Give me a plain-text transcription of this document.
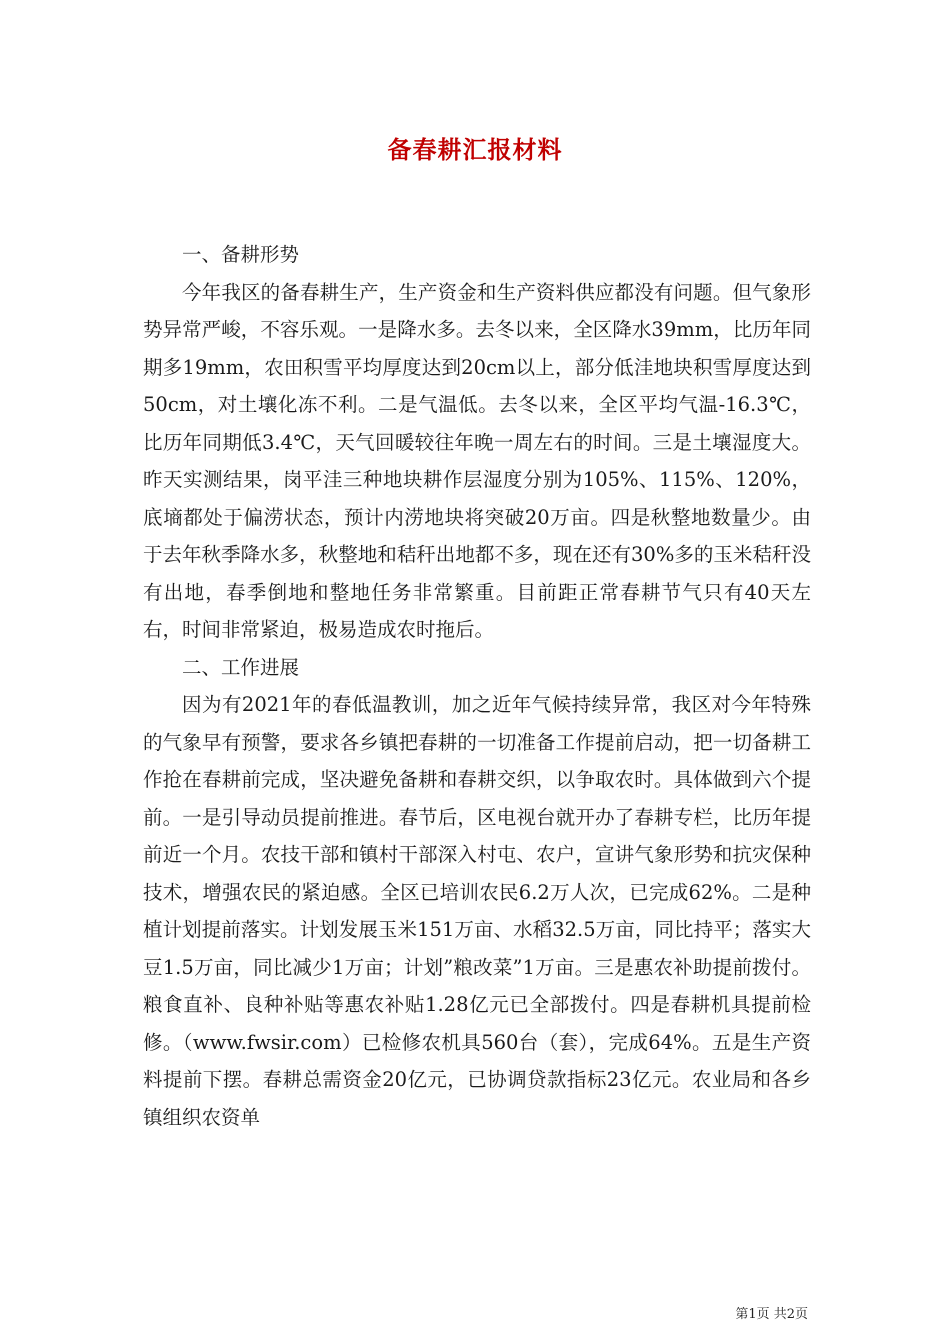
备春耕汇报材料

一、备耕形势

今年我区的备春耕生产，生产资金和生产资料供应都没有问题。但气象形势异常严峻，不容乐观。一是降水多。去冬以来，全区降水39mm，比历年同期多19mm，农田积雪平均厚度达到20cm以上，部分低洼地块积雪厚度达到50cm，对土壤化冻不利。二是气温低。去冬以来，全区平均气温-16.3℃，比历年同期低3.4℃，天气回暖较往年晚一周左右的时间。三是土壤湿度大。昨天实测结果，岗平洼三种地块耕作层湿度分别为105%、115%、120%，底墒都处于偏涝状态，预计内涝地块将突破20万亩。四是秋整地数量少。由于去年秋季降水多，秋整地和秸秆出地都不多，现在还有30%多的玉米秸秆没有出地，春季倒地和整地任务非常繁重。目前距正常春耕节气只有40天左右，时间非常紧迫，极易造成农时拖后。

二、工作进展

因为有2021年的春低温教训，加之近年气候持续异常，我区对今年特殊的气象早有预警，要求各乡镇把春耕的一切准备工作提前启动，把一切备耕工作抢在春耕前完成，坚决避免备耕和春耕交织，以争取农时。具体做到六个提前。一是引导动员提前推进。春节后，区电视台就开办了春耕专栏，比历年提前近一个月。农技干部和镇村干部深入村屯、农户，宣讲气象形势和抗灾保种技术，增强农民的紧迫感。全区已培训农民6.2万人次，已完成62%。二是种植计划提前落实。计划发展玉米151万亩、水稻32.5万亩，同比持平；落实大豆1.5万亩，同比减少1万亩；计划”粮改菜”1万亩。三是惠农补助提前拨付。粮食直补、良种补贴等惠农补贴1.28亿元已全部拨付。四是春耕机具提前检修。（www.fwsir.com）已检修农机具560台（套），完成64%。五是生产资料提前下摆。春耕总需资金20亿元，已协调贷款指标23亿元。农业局和各乡镇组织农资单

第1页 共2页
